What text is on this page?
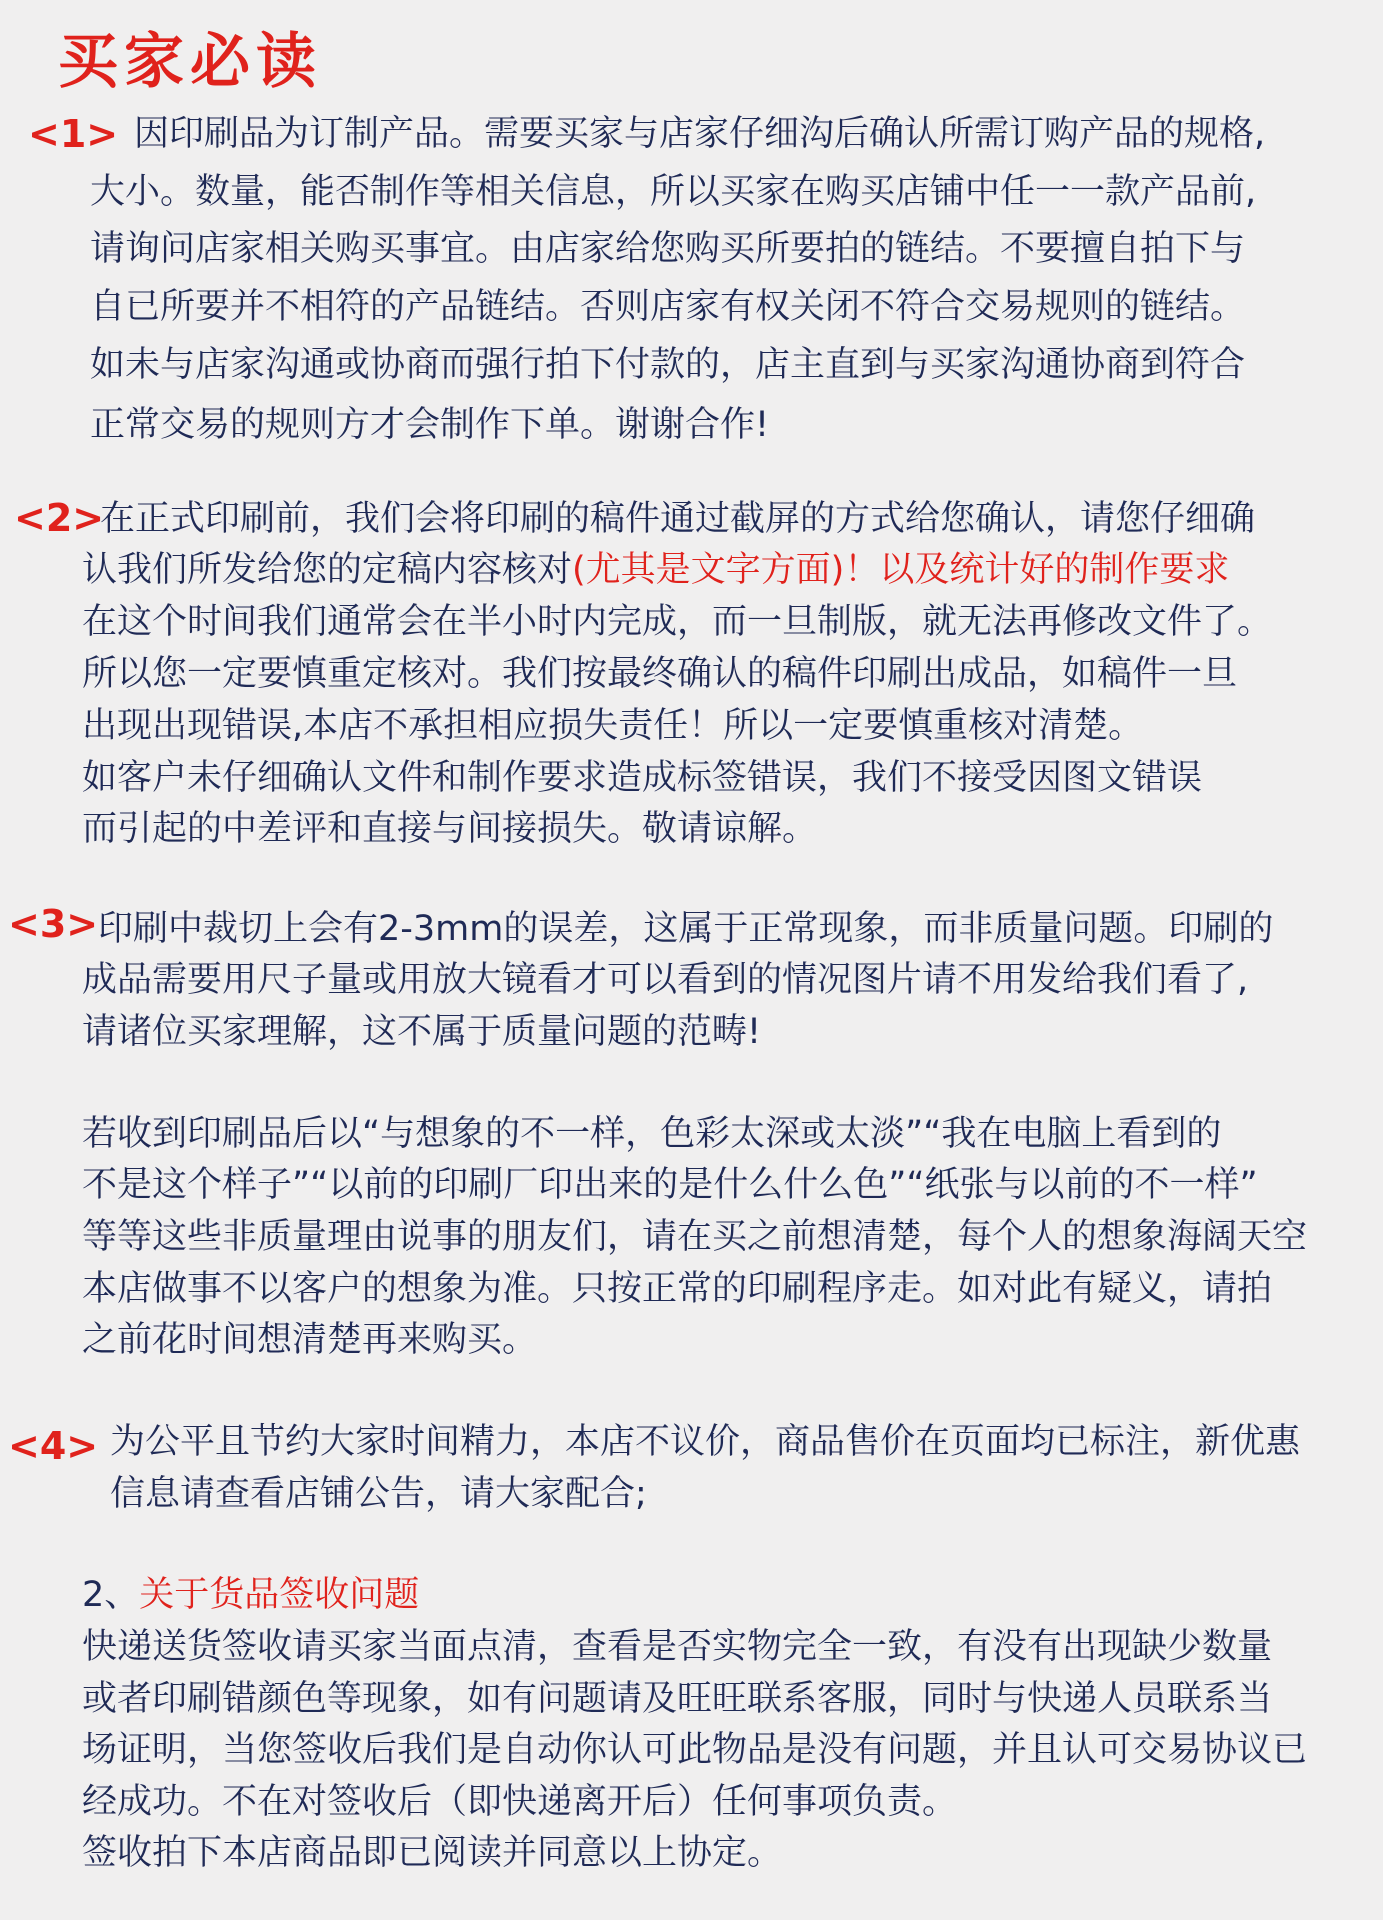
买家必读
<1> 因印刷品为订制产品。需要买家与店家仔细沟后确认所需订购产品的规格,
大小。数量，能否制作等相关信息，所以买家在购买店铺中任一一款产品前,
请询问店家相关购买事宜。由店家给您购买所要拍的链结。不要擅自拍下与
自已所要并不相符的产品链结。否则店家有权关闭不符合交易规则的链结。
如未与店家沟通或协商而强行拍下付款的，店主直到与买家沟通协商到符合
正常交易的规则方才会制作下单。谢谢合作!
<2>
在正式印刷前，我们会将印刷的稿件通过截屏的方式给您确认，请您仔细确
认我们所发给您的定稿内容核对(尤其是文字方面)！以及统计好的制作要求
在这个时间我们通常会在半小时内完成，而一旦制版，就无法再修改文件了。
所以您一定要慎重定核对。我们按最终确认的稿件印刷出成品，如稿件一旦
出现出现错误,本店不承担相应损失责任！所以一定要慎重核对清楚。
如客户未仔细确认文件和制作要求造成标签错误，我们不接受因图文错误
而引起的中差评和直接与间接损失。敬请谅解。
<3> 印刷中裁切上会有2-3mm的误差，这属于正常现象，而非质量问题。印刷的
成品需要用尺子量或用放大镜看才可以看到的情况图片请不用发给我们看了,
请诸位买家理解，这不属于质量问题的范畴!
若收到印刷品后以“与想象的不一样，色彩太深或太淡”“我在电脑上看到的
不是这个样子”“以前的印刷厂印出来的是什么什么色”“纸张与以前的不一样”
等等这些非质量理由说事的朋友们，请在买之前想清楚，每个人的想象海阔天空
本店做事不以客户的想象为准。只按正常的印刷程序走。如对此有疑义，请拍
之前花时间想清楚再来购买。
<4> 为公平且节约大家时间精力，本店不议价，商品售价在页面均已标注，新优惠
信息请查看店铺公告，请大家配合;
2、关于货品签收问题
快递送货签收请买家当面点清，查看是否实物完全一致，有没有出现缺少数量
或者印刷错颜色等现象，如有问题请及旺旺联系客服，同时与快递人员联系当
场证明，当您签收后我们是自动你认可此物品是没有问题，并且认可交易协议已
经成功。不在对签收后（即快递离开后）任何事项负责。
签收拍下本店商品即已阅读并同意以上协定。
